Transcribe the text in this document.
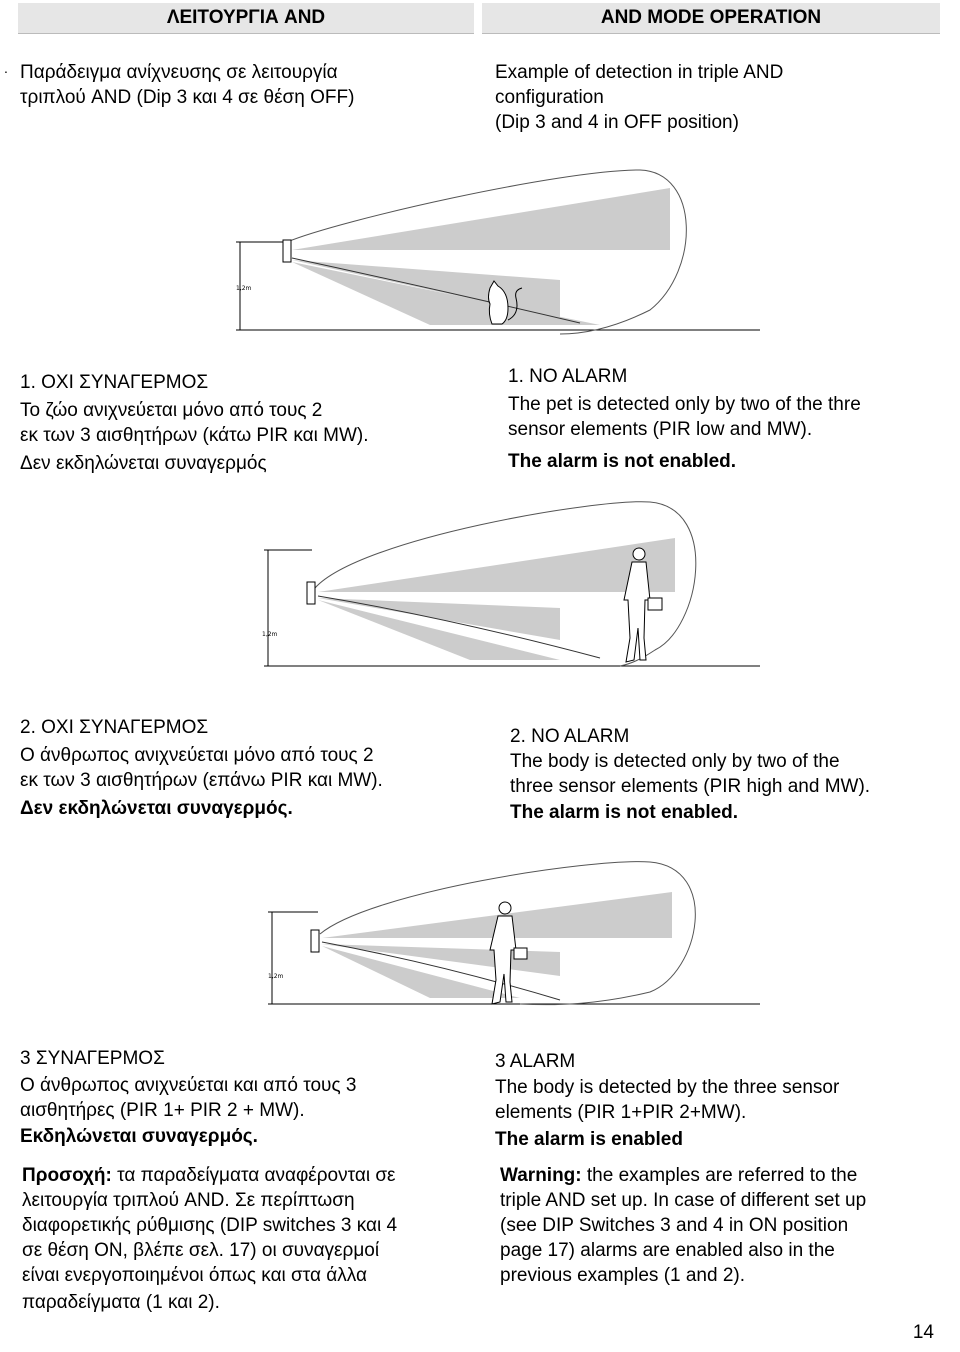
ΛΕΙΤΟΥΡΓΙΑ AND	AND MODE OPERATION
. Παράδειγμα ανίχνευσης σε λειτουργία
τριπλού AND (Dip 3 και 4 σε θέση OFF)
Example of detection in triple AND
configuration
(Dip 3 and 4 in OFF position)
1,2m
1. ΟΧΙ ΣΥΝΑΓΕΡΜΟΣ
Το ζώο ανιχνεύεται μόνο από τους 2
εκ των 3 αισθητήρων (κάτω PIR και MW).
Δεν εκδηλώνεται συναγερμός
1. NO ALARM
The pet is detected only by two of the thre
sensor elements (PIR low and MW).
The alarm is not enabled.
1,2m
2. ΟΧΙ ΣΥΝΑΓΕΡΜΟΣ
Ο άνθρωπος ανιχνεύεται μόνο από τους 2
εκ των 3 αισθητήρων (επάνω PIR και MW).
Δεν εκδηλώνεται συναγερμός.
2. NO ALARM
The body is detected only by two of the
three sensor elements (PIR high and MW).
The alarm is not enabled.
1,2m
3 ΣΥΝΑΓΕΡΜΟΣ
Ο άνθρωπος ανιχνεύεται και από τους 3
αισθητήρες (PIR 1+ PIR 2 + MW).
Εκδηλώνεται συναγερμός.
3 ALARM
The body is detected by the three sensor
elements (PIR 1+PIR 2+MW).
The alarm is enabled
Προσοχή: τα παραδείγματα αναφέρονται σε
λειτουργία τριπλού AND. Σε περίπτωση
διαφορετικής ρύθμισης (DIP switches 3 και 4
σε θέση ON, βλέπε σελ. 17) οι συναγερμοί
είναι ενεργοποιημένοι όπως και στα άλλα
παραδείγματα (1 και 2).
Warning: the examples are referred to the
triple AND set up. In case of different set up
(see DIP Switches 3 and 4 in ON position
page 17) alarms are enabled also in the
previous examples (1 and 2).
14
